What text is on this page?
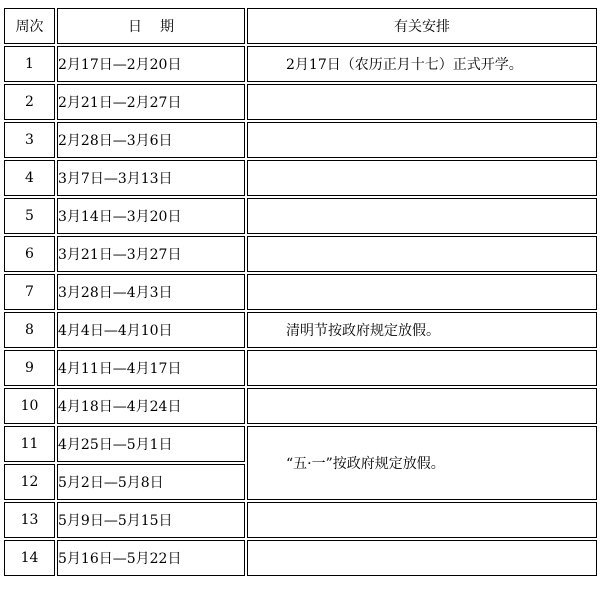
周次	日期	有关安排
1	2月17日—2月20日	2月17日（农历正月十七）正式开学。
2	2月21日—2月27日	
3	2月28日—3月6日	
4	3月7日—3月13日	
5	3月14日—3月20日	
6	3月21日—3月27日	
7	3月28日—4月3日	
8	4月4日—4月10日	清明节按政府规定放假。
9	4月11日—4月17日	
10	4月18日—4月24日	
11	4月25日—5月1日	“五·一”按政府规定放假。
12	5月2日—5月8日	
13	5月9日—5月15日	
14	5月16日—5月22日	
